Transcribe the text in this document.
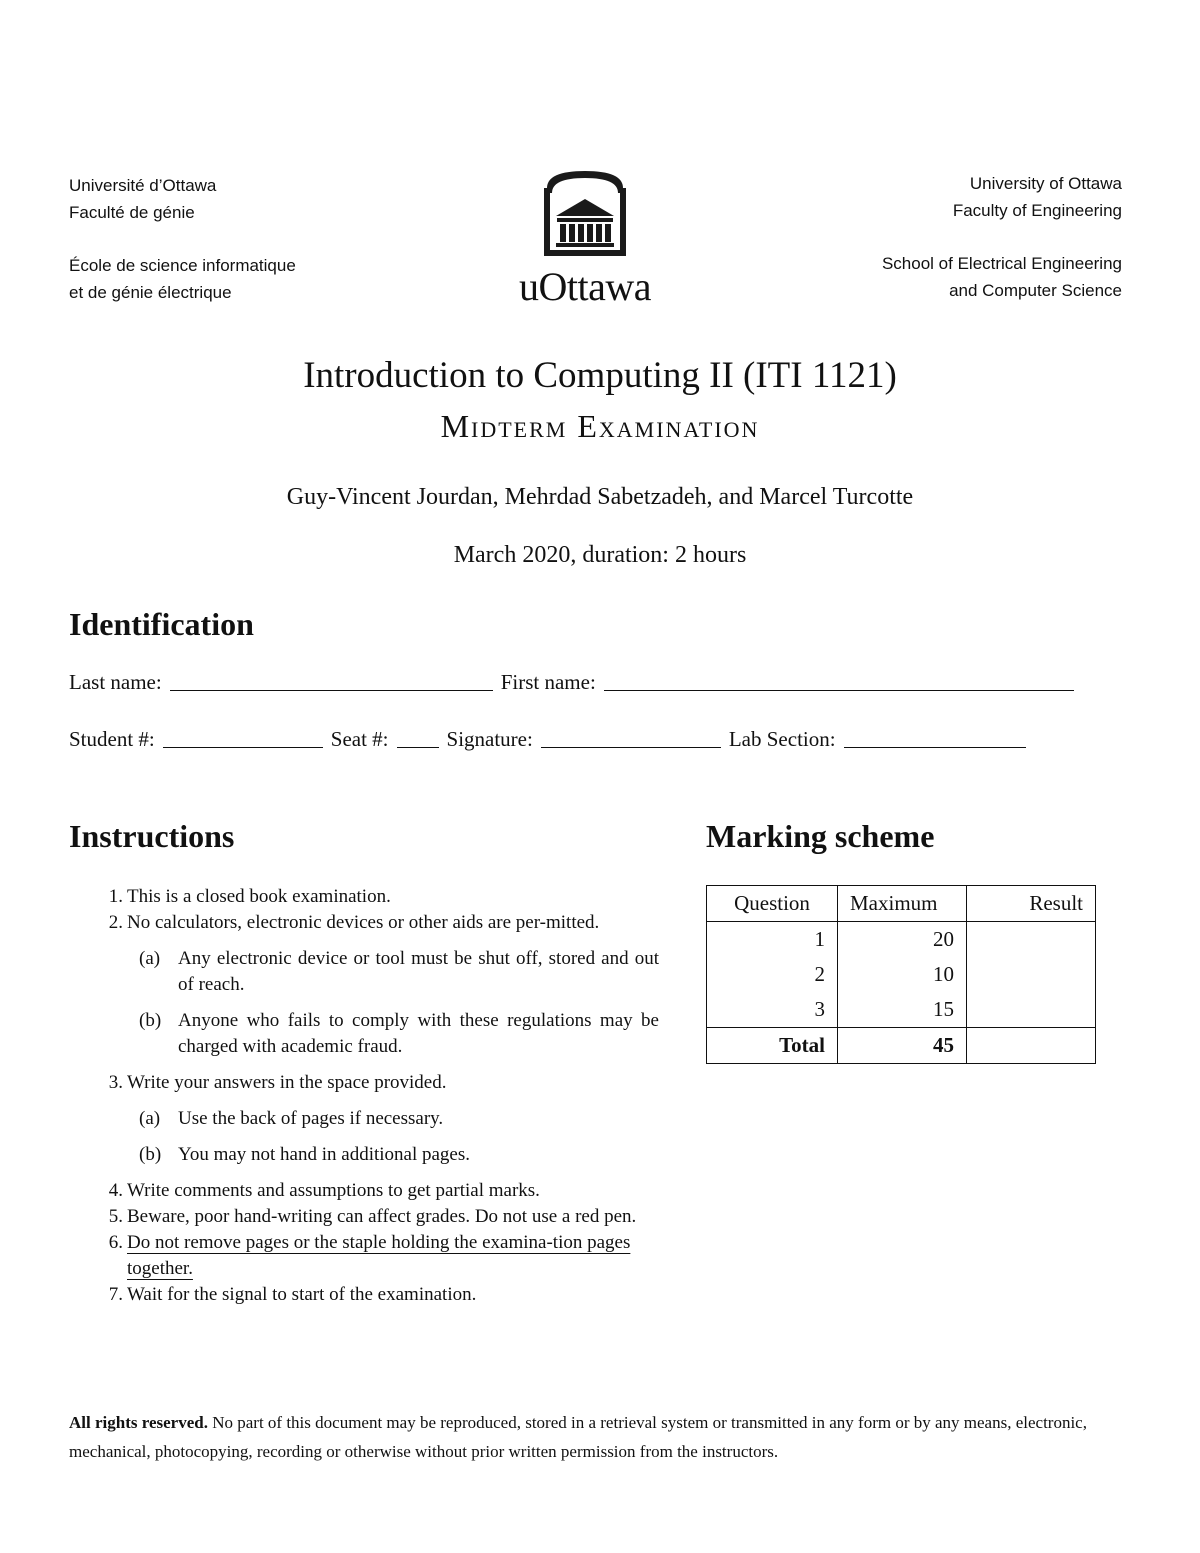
Université d’Ottawa
Faculté de génie
École de science informatique
et de génie électrique	uOttawa
University of Ottawa
Faculty of Engineering
School of Electrical Engineering
and Computer Science
Introduction to Computing II (ITI 1121)
Midterm Examination
Guy-Vincent Jourdan, Mehrdad Sabetzadeh, and Marcel Turcotte
March 2020, duration: 2 hours
Identification
Last name:	First name:
Student #:	Seat #:	Signature:	Lab Section:
Instructions
1. This is a closed book examination.
2. No calculators, electronic devices or other aids are per-mitted.
(a) Any electronic device or tool must be shut off, stored and out of reach.
(b) Anyone who fails to comply with these regulations may be charged with academic fraud.
3. Write your answers in the space provided.
(a) Use the back of pages if necessary.
(b) You may not hand in additional pages.
4. Write comments and assumptions to get partial marks.
5. Beware, poor hand-writing can affect grades. Do not use a red pen.
6. Do not remove pages or the staple holding the examina-tion pages together.
7. Wait for the signal to start of the examination.
Marking scheme
Question	Maximum	Result
1	20	
2	10	
3	15	
Total	45	
All rights reserved. No part of this document may be reproduced, stored in a retrieval system or transmitted in any form or by any means, electronic, mechanical, photocopying, recording or otherwise without prior written permission from the instructors.
